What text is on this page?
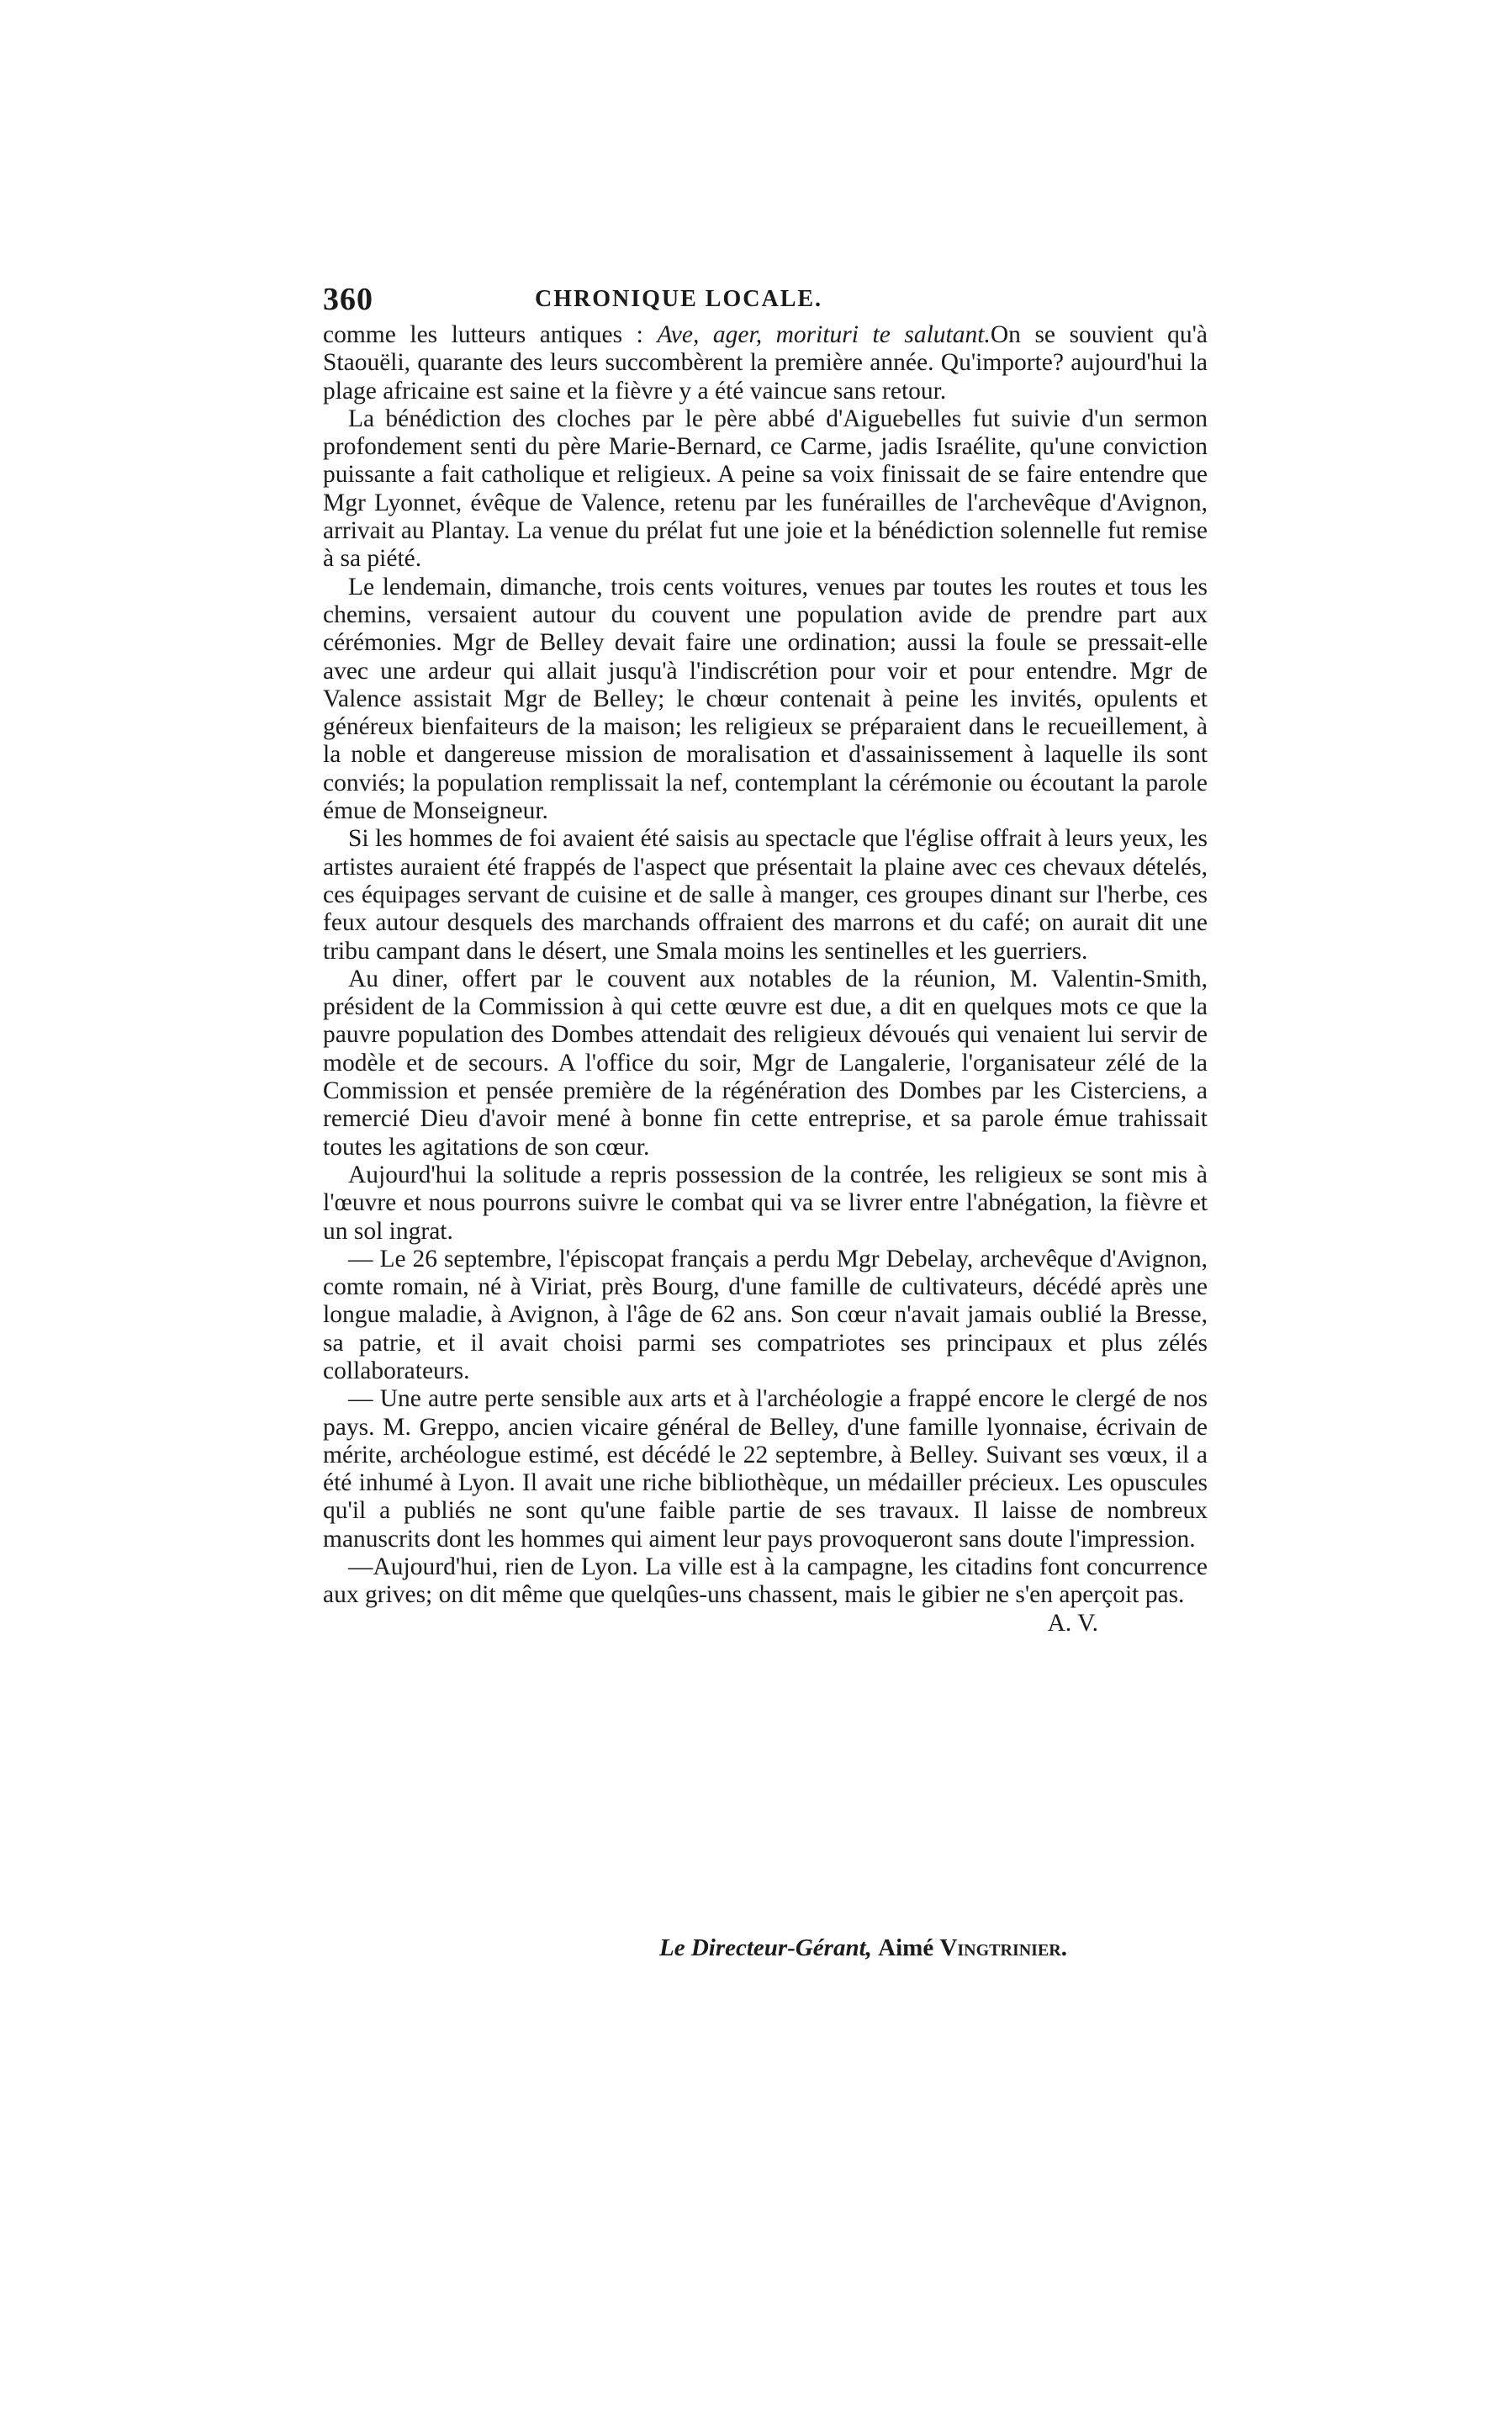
360	CHRONIQUE LOCALE.

comme les lutteurs antiques : Ave, ager, morituri te salutant.On se souvient qu'à Staouëli, quarante des leurs succombèrent la première année. Qu'importe? aujourd'hui la plage africaine est saine et la fièvre y a été vaincue sans retour.

La bénédiction des cloches par le père abbé d'Aiguebelles fut suivie d'un sermon profondement senti du père Marie-Bernard, ce Carme, jadis Israélite, qu'une conviction puissante a fait catholique et religieux. A peine sa voix finissait de se faire entendre que Mgr Lyonnet, évêque de Valence, retenu par les funérailles de l'archevêque d'Avignon, arrivait au Plantay. La venue du prélat fut une joie et la bénédiction solennelle fut remise à sa piété.

Le lendemain, dimanche, trois cents voitures, venues par toutes les routes et tous les chemins, versaient autour du couvent une population avide de prendre part aux cérémonies. Mgr de Belley devait faire une ordination; aussi la foule se pressait-elle avec une ardeur qui allait jusqu'à l'indiscrétion pour voir et pour entendre. Mgr de Valence assistait Mgr de Belley; le chœur contenait à peine les invités, opulents et généreux bienfaiteurs de la maison; les religieux se préparaient dans le recueillement, à la noble et dangereuse mission de moralisation et d'assainissement à laquelle ils sont conviés; la population remplissait la nef, contemplant la cérémonie ou écoutant la parole émue de Monseigneur.

Si les hommes de foi avaient été saisis au spectacle que l'église offrait à leurs yeux, les artistes auraient été frappés de l'aspect que présentait la plaine avec ces chevaux dételés, ces équipages servant de cuisine et de salle à manger, ces groupes dinant sur l'herbe, ces feux autour desquels des marchands offraient des marrons et du café; on aurait dit une tribu campant dans le désert, une Smala moins les sentinelles et les guerriers.

Au diner, offert par le couvent aux notables de la réunion, M. Valentin-Smith, président de la Commission à qui cette œuvre est due, a dit en quelques mots ce que la pauvre population des Dombes attendait des religieux dévoués qui venaient lui servir de modèle et de secours. A l'office du soir, Mgr de Langalerie, l'organisateur zélé de la Commission et pensée première de la régénération des Dombes par les Cisterciens, a remercié Dieu d'avoir mené à bonne fin cette entreprise, et sa parole émue trahissait toutes les agitations de son cœur.

Aujourd'hui la solitude a repris possession de la contrée, les religieux se sont mis à l'œuvre et nous pourrons suivre le combat qui va se livrer entre l'abnégation, la fièvre et un sol ingrat.

— Le 26 septembre, l'épiscopat français a perdu Mgr Debelay, archevêque d'Avignon, comte romain, né à Viriat, près Bourg, d'une famille de cultivateurs, décédé après une longue maladie, à Avignon, à l'âge de 62 ans. Son cœur n'avait jamais oublié la Bresse, sa patrie, et il avait choisi parmi ses compatriotes ses principaux et plus zélés collaborateurs.

— Une autre perte sensible aux arts et à l'archéologie a frappé encore le clergé de nos pays. M. Greppo, ancien vicaire général de Belley, d'une famille lyonnaise, écrivain de mérite, archéologue estimé, est décédé le 22 septembre, à Belley. Suivant ses vœux, il a été inhumé à Lyon. Il avait une riche bibliothèque, un médailler précieux. Les opuscules qu'il a publiés ne sont qu'une faible partie de ses travaux. Il laisse de nombreux manuscrits dont les hommes qui aiment leur pays provoqueront sans doute l'impression.

—Aujourd'hui, rien de Lyon. La ville est à la campagne, les citadins font concurrence aux grives; on dit même que quelqûes-uns chassent, mais le gibier ne s'en aperçoit pas.
A. V.

Le Directeur-Gérant, Aimé Vingtrinier.
